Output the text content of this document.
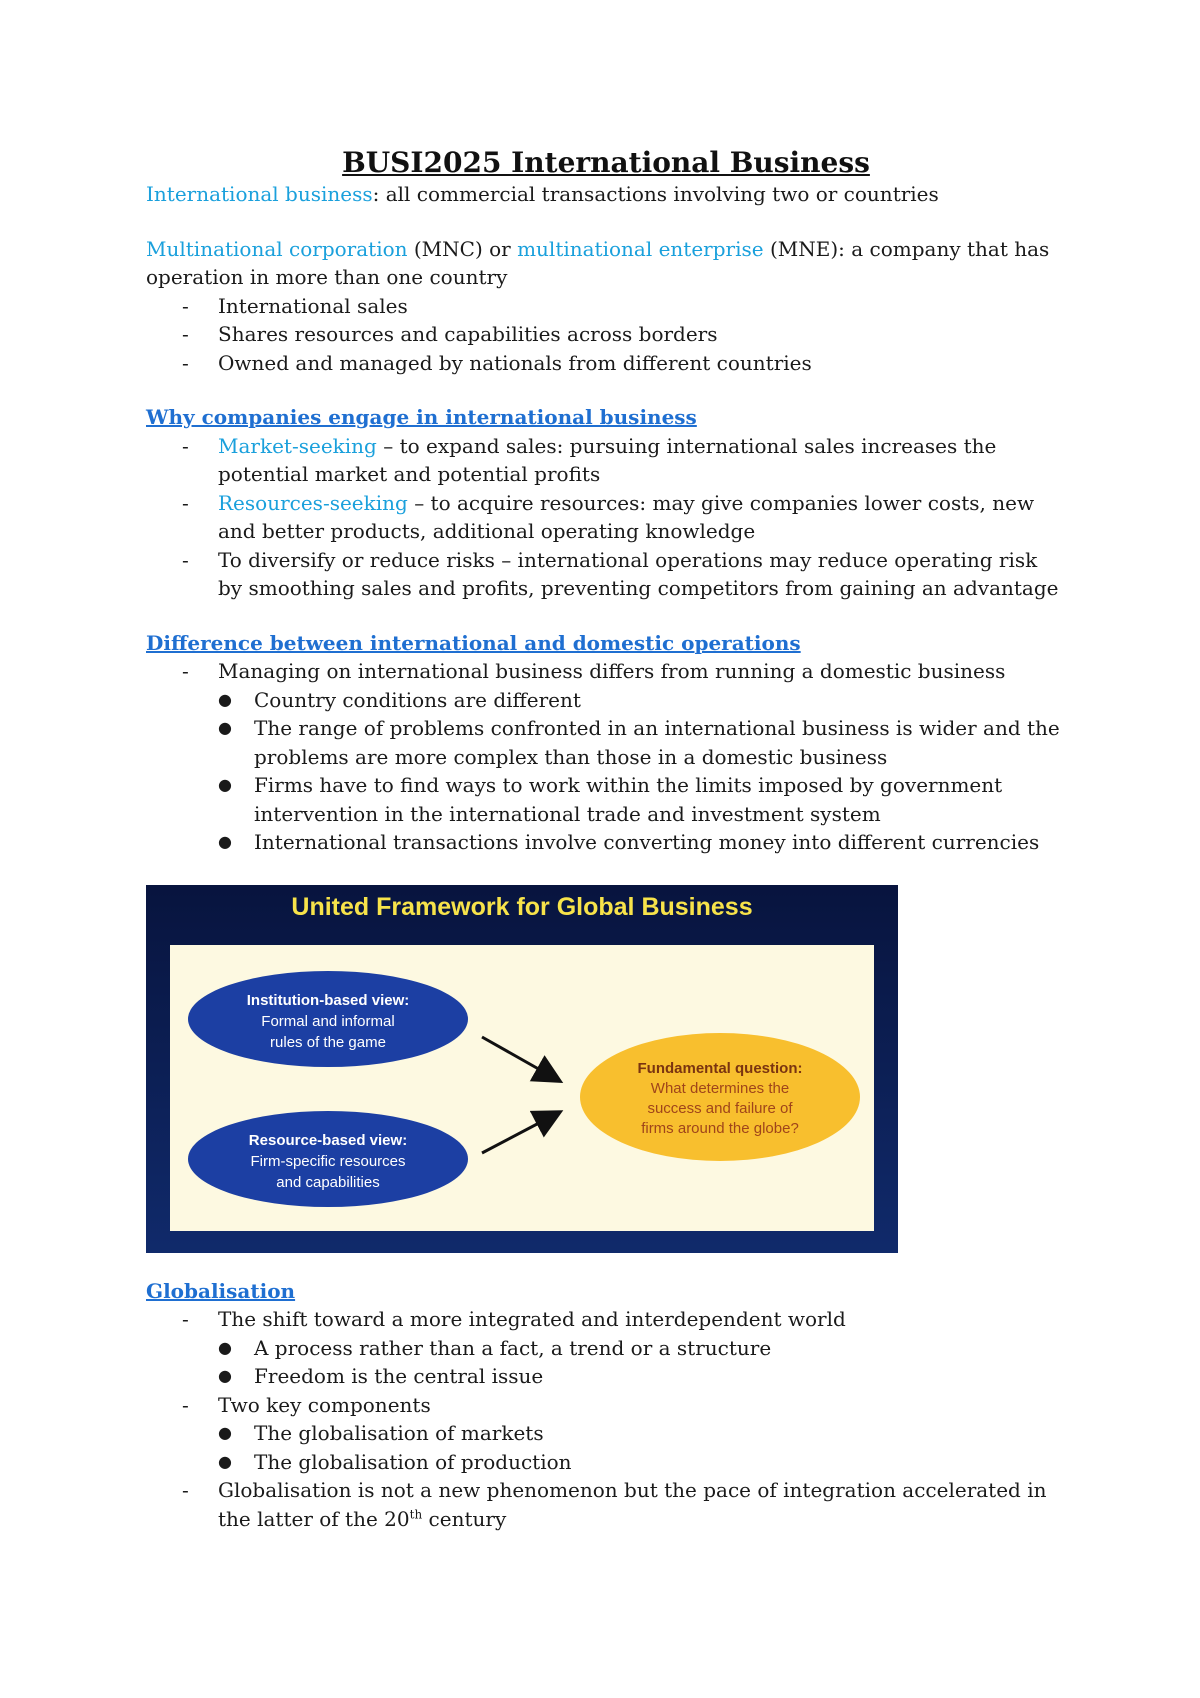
BUSI2025 International Business

International business: all commercial transactions involving two or countries

Multinational corporation (MNC) or multinational enterprise (MNE): a company that has operation in more than one country

- International sales
- Shares resources and capabilities across borders
- Owned and managed by nationals from different countries
Why companies engage in international business
- Market-seeking – to expand sales: pursuing international sales increases the potential market and potential profits
- Resources-seeking – to acquire resources: may give companies lower costs, new and better products, additional operating knowledge
- To diversify or reduce risks – international operations may reduce operating risk by smoothing sales and profits, preventing competitors from gaining an advantage
Difference between international and domestic operations
- Managing on international business differs from running a domestic business
● Country conditions are different
● The range of problems confronted in an international business is wider and the problems are more complex than those in a domestic business
● Firms have to find ways to work within the limits imposed by government intervention in the international trade and investment system
● International transactions involve converting money into different currencies
United Framework for Global Business
Institution-based view:
Formal and informal
rules of the game
Resource-based view:
Firm-specific resources
and capabilities
Fundamental question:
What determines the
success and failure of
firms around the globe?
Globalisation
- The shift toward a more integrated and interdependent world
● A process rather than a fact, a trend or a structure
● Freedom is the central issue
- Two key components
● The globalisation of markets
● The globalisation of production
- Globalisation is not a new phenomenon but the pace of integration accelerated in the latter of the 20th century
